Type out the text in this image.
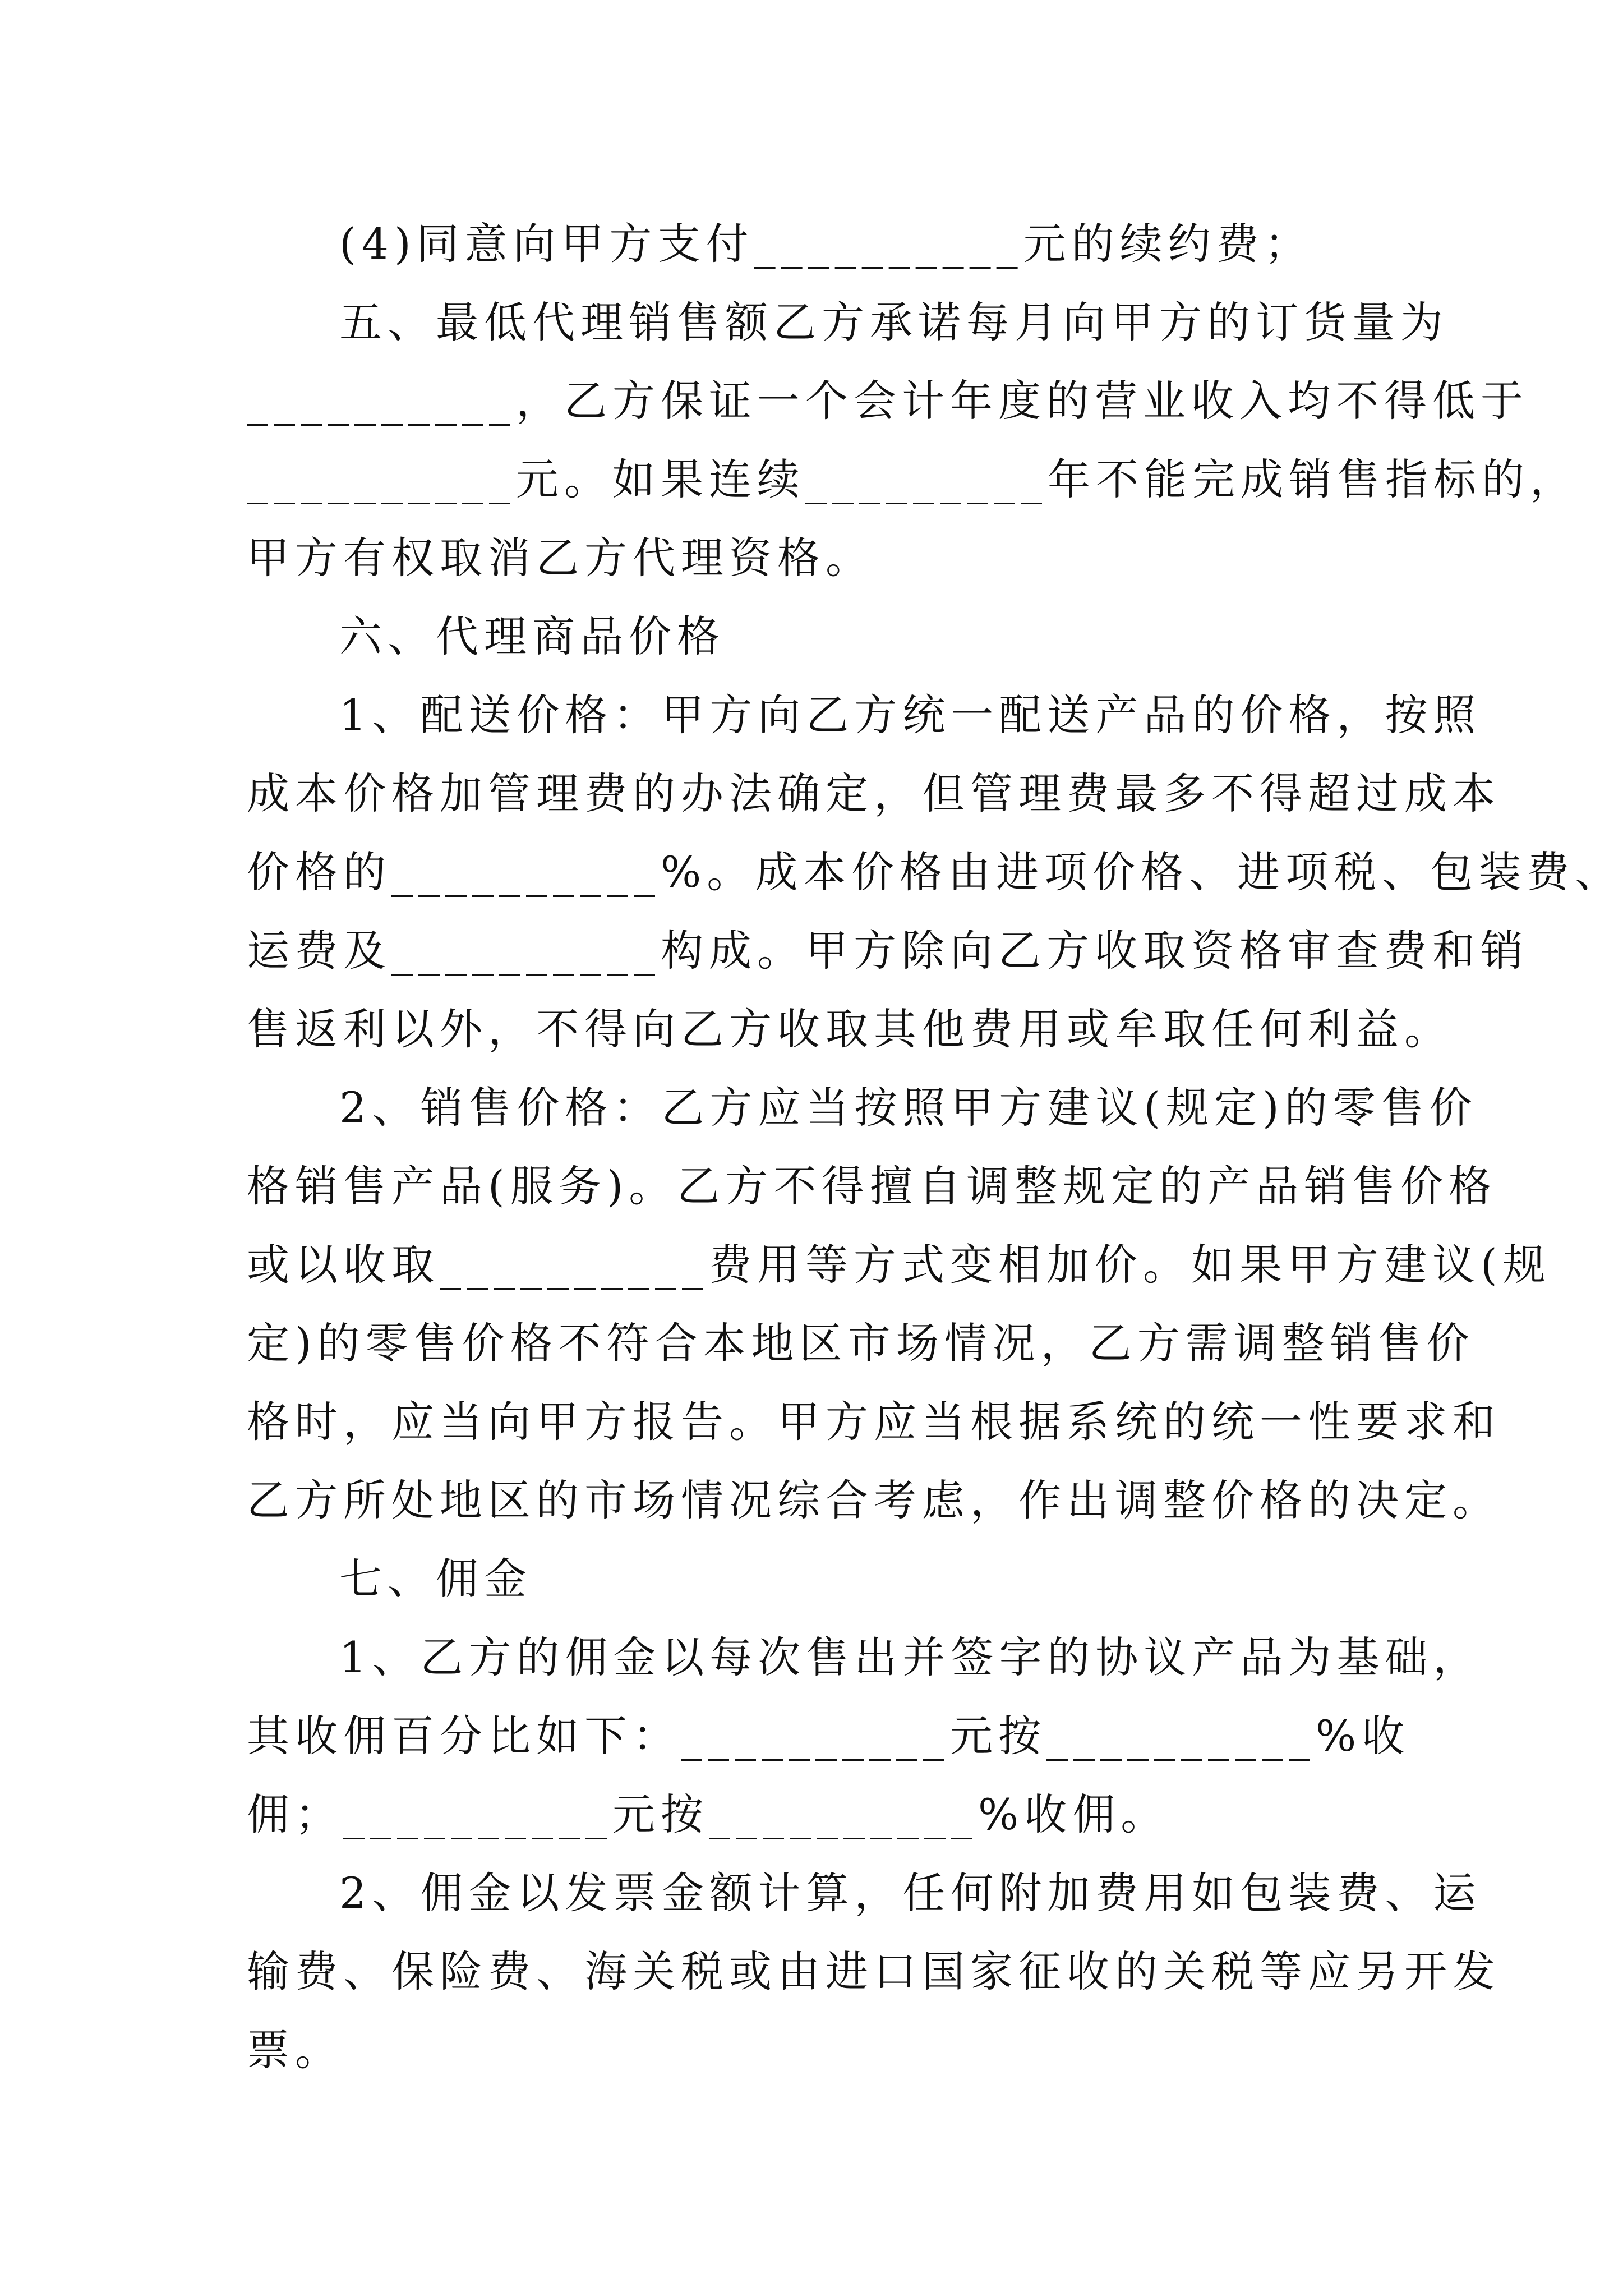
(4)同意向甲方支付__________元的续约费；
五、最低代理销售额乙方承诺每月向甲方的订货量为
__________，乙方保证一个会计年度的营业收入均不得低于
__________元。如果连续_________年不能完成销售指标的，
甲方有权取消乙方代理资格。
六、代理商品价格
1、配送价格：甲方向乙方统一配送产品的价格，按照
成本价格加管理费的办法确定，但管理费最多不得超过成本
价格的__________%。成本价格由进项价格、进项税、包装费、
运费及__________构成。甲方除向乙方收取资格审查费和销
售返利以外，不得向乙方收取其他费用或牟取任何利益。
2、销售价格：乙方应当按照甲方建议(规定)的零售价
格销售产品(服务)。乙方不得擅自调整规定的产品销售价格
或以收取__________费用等方式变相加价。如果甲方建议(规
定)的零售价格不符合本地区市场情况，乙方需调整销售价
格时，应当向甲方报告。甲方应当根据系统的统一性要求和
乙方所处地区的市场情况综合考虑，作出调整价格的决定。
七、佣金
1、乙方的佣金以每次售出并签字的协议产品为基础，
其收佣百分比如下：__________元按__________%收
佣；__________元按__________%收佣。
2、佣金以发票金额计算，任何附加费用如包装费、运
输费、保险费、海关税或由进口国家征收的关税等应另开发
票。
